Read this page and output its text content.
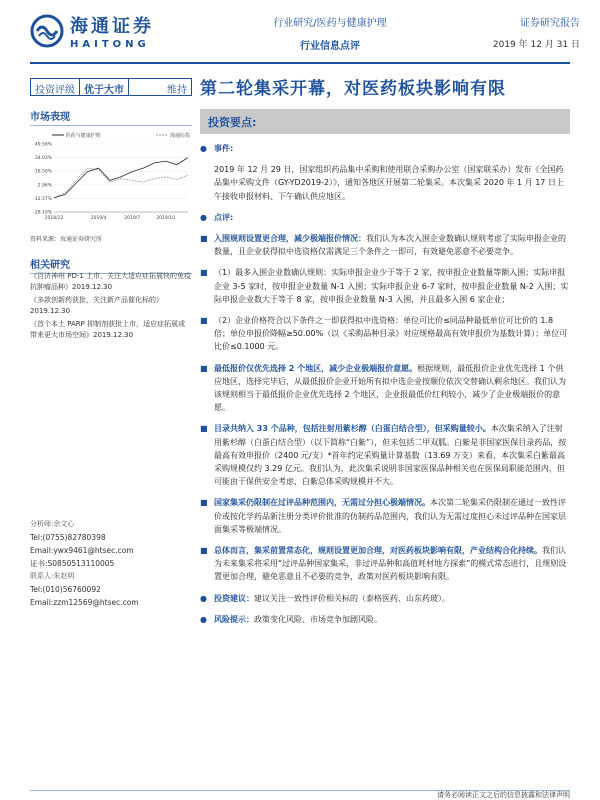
海通证券
HAITONG
行业研究/医药与健康护理
行业信息点评
证券研究报告
2019 年 12 月 31 日
投资评级 优于大市	维持 第二轮集采开幕，对医药板块影响有限
市场表现
医药与健康护理	海通综指
49.56%
34.03%
18.50%
2.96%
-12.57%
-28.10%
2018/12	2019/4	2019/7	2019/10
资料来源：海通证券研究所
相关研究
《百济神州 PD-1 上市，关注大适应症拓展快的免疫抗肿瘤品种》2019.12.30
《多款创新药获批，关注新产品催化标的》2019.12.30
《首个本土 PARP 抑制剂获批上市，适应症拓展或带来更大市场空间》2019.12.30
分析师:余文心
Tel:(0755)82780398
Email:ywx9461@htsec.com
证书:S0850513110005
联系人:朱赵明
Tel:(010)56760092
Email:zzm12569@htsec.com
投资要点:
● 事件:
2019 年 12 月 29 日，国家组织药品集中采购和使用联合采购办公室（国家联采办）发布《全国药品集中采购文件（GY-YD2019-2）》，通知各地区开展第二轮集采。本次集采 2020 年 1 月 17 日上午接收申报材料、下午确认供应地区。
● 点评:
■ 入围规则设置更合理，减少极端报价情况：我们认为本次入围企业数确认规则考虑了实际申报企业的数量，且企业获得拟中选资格仅需满足三个条件之一即可，有效避免恶意不必要竞争。
■ （1）最多入围企业数确认规则：实际申报企业少于等于 2 家，按申报企业数量等额入围；实际申报企业 3-5 家时，按申报企业数量 N-1 入围；实际申报企业 6-7 家时，按申报企业数量 N-2 入围；实际申报企业数大于等于 8 家，按申报企业数量 N-3 入围，并且最多入围 6 家企业；
■ （2）企业价格符合以下条件之一即获得拟中选资格：单位可比价≤同品种最低单位可比价的 1.8 倍；单位申报价降幅≥50.00%（以《采购品种目录》对应规格最高有效申报价为基数计算）；单位可比价≤0.1000 元。
■ 最低报价仅优先选择 2 个地区，减少企业极端报价意愿。根据规则，最低报价企业优先选择 1 个供应地区，选择完毕后，从最低报价企业开始所有拟中选企业按顺位依次交替确认剩余地区。我们认为该规则相当于最低报价企业优先选择 2 个地区，企业报最低价红利较小，减少了企业极端报价的意愿。
■ 目录共纳入 33 个品种，包括注射用紫杉醇（白蛋白结合型），但采购量较小。本次集采纳入了注射用紫杉醇（白蛋白结合型）（以下简称“白紫”），但未包括二甲双胍。白紫是非国家医保目录药品，按最高有效申报价（2400 元/支）*首年约定采购量计算基数（13.69 万支）来看，本次集采白紫最高采购规模仅约 3.29 亿元。我们认为，此次集采说明非国家医保品种相关也在医保局职能范围内，但可能由于保供安全考虑，白紫总体采购规模并不大。
■ 国家集采仍限制在过评品种范围内，无需过分担心极端情况。本次第二轮集采仍限制在通过一致性评价或按化学药品新注册分类评价批准的仿制药品范围内，我们认为无需过度担心未过评品种在国家层面集采等极端情况。
■ 总体而言，集采前置常态化，规则设置更加合理，对医药板块影响有限，产业结构合化持续。我们认为未来集采将采用“过评品种国家集采，非过评品种和高值耗材地方探索”的模式常态进行，且规则设置更加合理，避免恶意且不必要的竞争，政策对医药板块影响有限。
● 投资建议：建议关注一致性评价相关标的（泰格医药、山东药玻）。
● 风险提示：政策变化风险、市场竞争加剧风险。
请务必阅读正文之后的信息披露和法律声明
